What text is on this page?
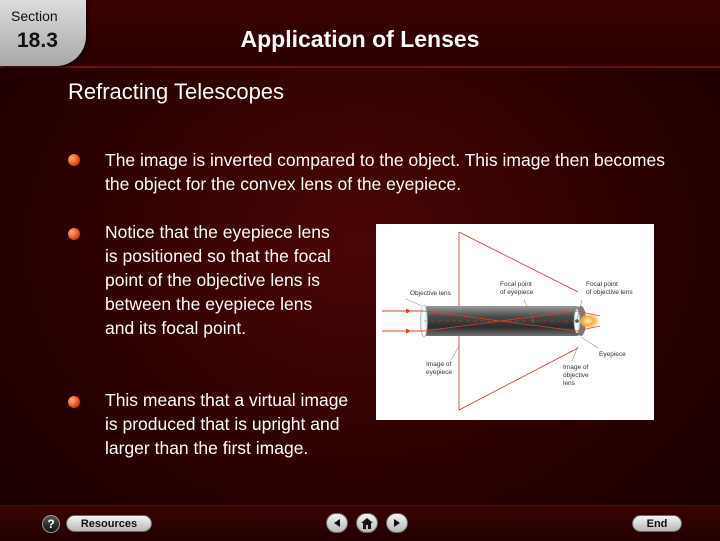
Section
18.3	Application of Lenses
Refracting Telescopes
The image is inverted compared to the object. This image then becomes the object for the convex lens of the eyepiece.
Notice that the eyepiece lens is positioned so that the focal point of the objective lens is between the eyepiece lens and its focal point.
This means that a virtual image is produced that is upright and larger than the first image.
Objective lens
Focal point
of eyepiece
Focal point
of objective lens
Eyepiece
Image of
eyepiece
Image of
objective
lens
?	Resources	End
